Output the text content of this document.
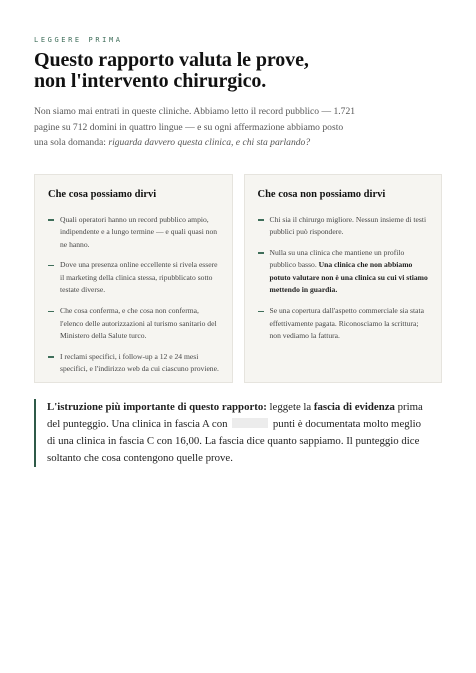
LEGGERE PRIMA
Questo rapporto valuta le prove,
non l'intervento chirurgico.

Non siamo mai entrati in queste cliniche. Abbiamo letto il record pubblico — 1.721 pagine su 712 domini in quattro lingue — e su ogni affermazione abbiamo posto una sola domanda: riguarda davvero questa clinica, e chi sta parlando?

Che cosa possiamo dirvi
Quali operatori hanno un record pubblico ampio, indipendente e a lungo termine — e quali quasi non ne hanno.
Dove una presenza online eccellente si rivela essere il marketing della clinica stessa, ripubblicato sotto testate diverse.
Che cosa conferma, e che cosa non conferma, l'elenco delle autorizzazioni al turismo sanitario del Ministero della Salute turco.
I reclami specifici, i follow-up a 12 e 24 mesi specifici, e l'indirizzo web da cui ciascuno proviene.
Che cosa non possiamo dirvi
Chi sia il chirurgo migliore. Nessun insieme di testi pubblici può rispondere.
Nulla su una clinica che mantiene un profilo pubblico basso. Una clinica che non abbiamo potuto valutare non è una clinica su cui vi stiamo mettendo in guardia.
Se una copertura dall'aspetto commerciale sia stata effettivamente pagata. Riconosciamo la scrittura; non vediamo la fattura.
L'istruzione più importante di questo rapporto: leggete la fascia di evidenza prima del punteggio. Una clinica in fascia A con	punti è documentata molto meglio di una clinica in fascia C con 16,00. La fascia dice quanto sappiamo. Il punteggio dice soltanto che cosa contengono quelle prove.
